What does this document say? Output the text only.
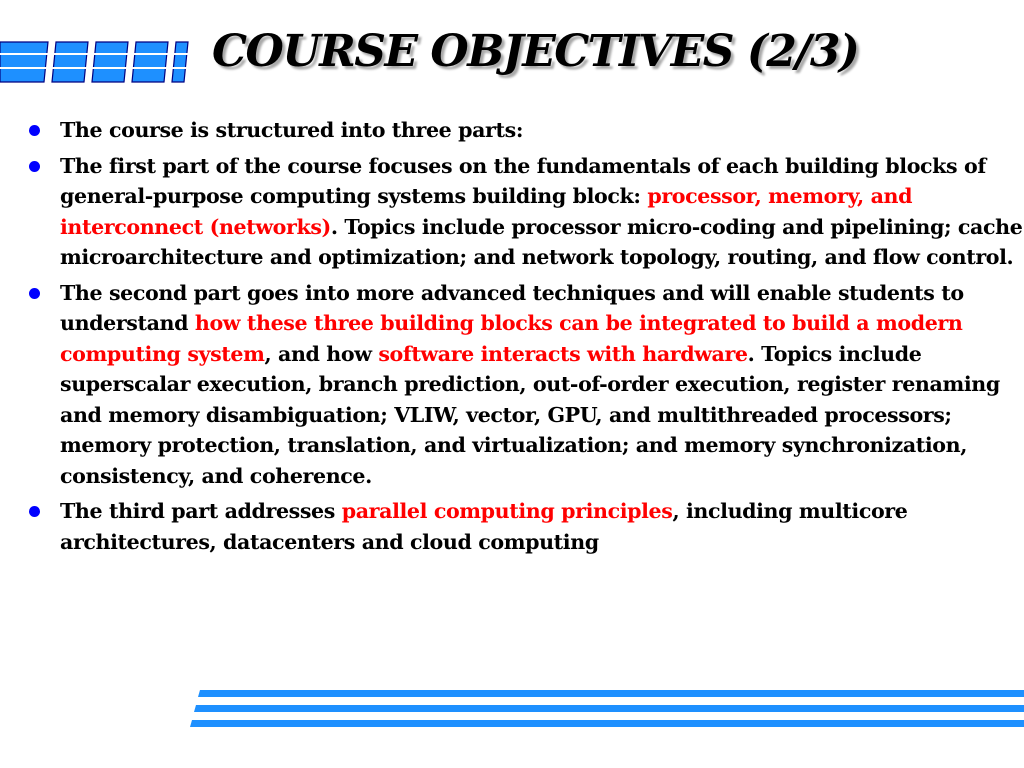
COURSE OBJECTIVES (2/3)
The course is structured into three parts:
The first part of the course focuses on the fundamentals of each building blocks of general-purpose computing systems building block: processor, memory, and interconnect (networks). Topics include processor micro-coding and pipelining; cache microarchitecture and optimization; and network topology, routing, and flow control.
The second part goes into more advanced techniques and will enable students to understand how these three building blocks can be integrated to build a modern computing system, and how software interacts with hardware. Topics include superscalar execution, branch prediction, out-of-order execution, register renaming and memory disambiguation; VLIW, vector, GPU, and multithreaded processors; memory protection, translation, and virtualization; and memory synchronization, consistency, and coherence.
The third part addresses parallel computing principles, including multicore architectures, datacenters and cloud computing
